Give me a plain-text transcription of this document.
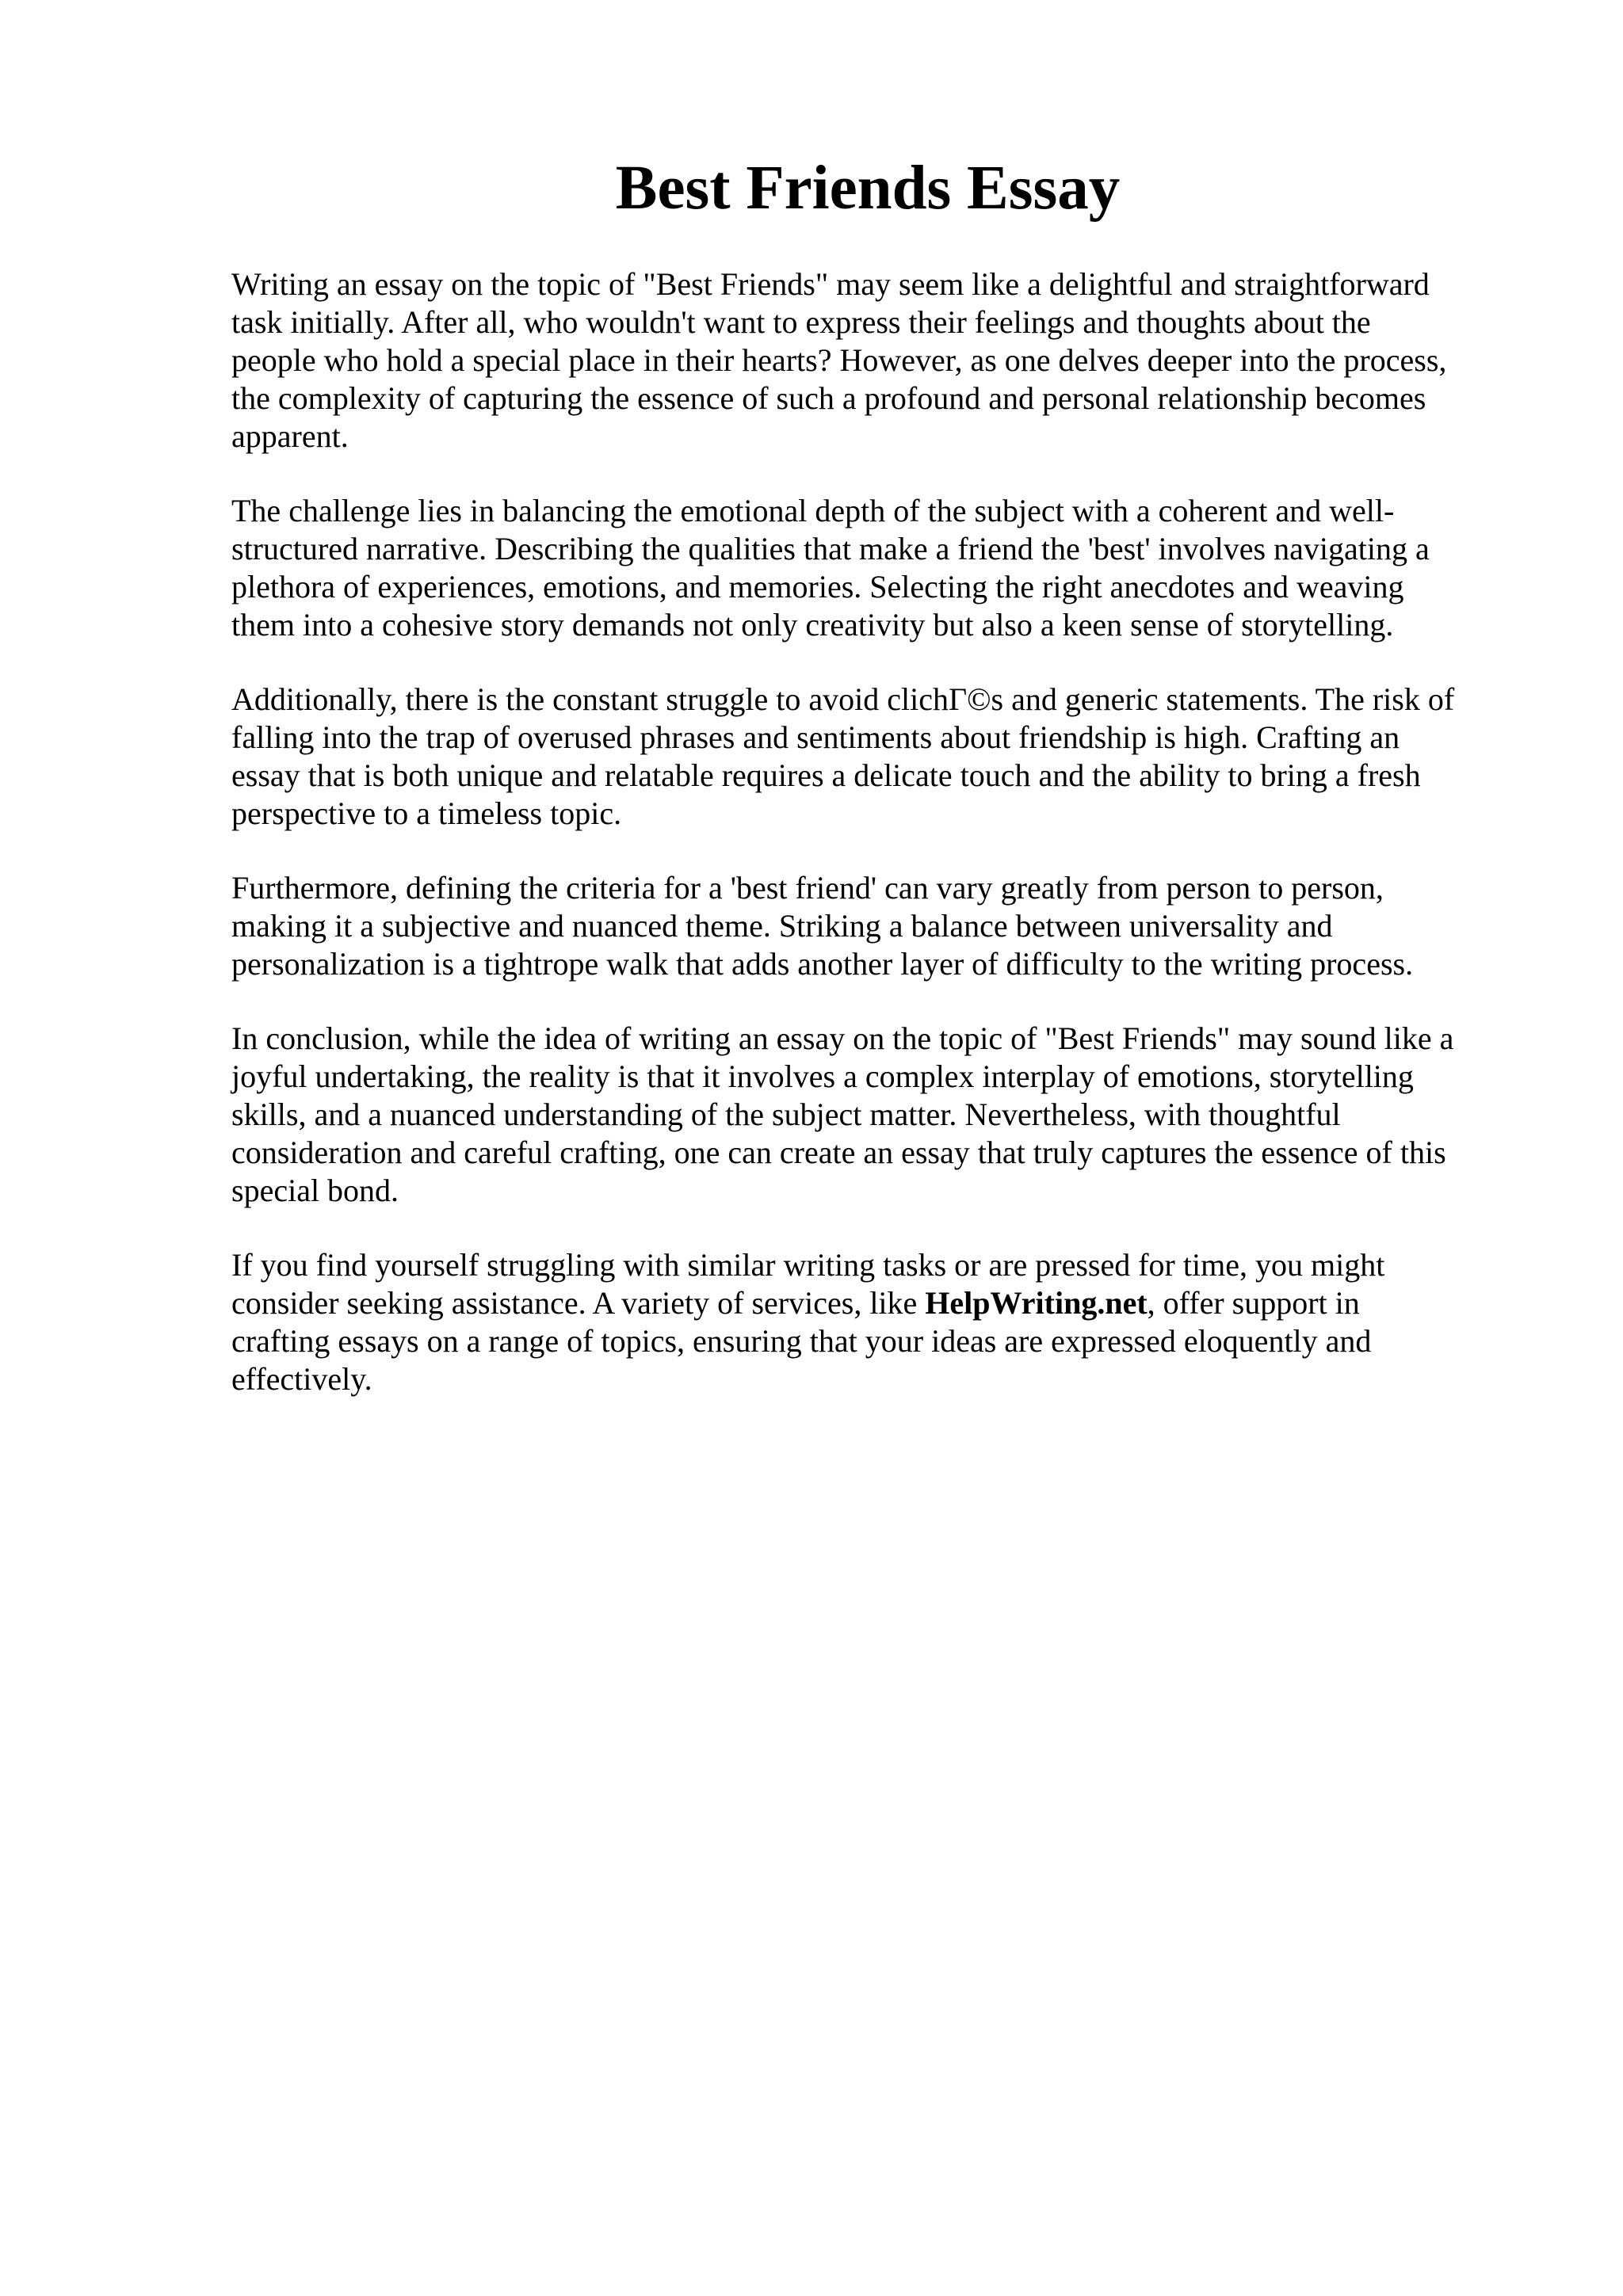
Best Friends Essay

Writing an essay on the topic of "Best Friends" may seem like a delightful and straightforward
task initially. After all, who wouldn't want to express their feelings and thoughts about the
people who hold a special place in their hearts? However, as one delves deeper into the process,
the complexity of capturing the essence of such a profound and personal relationship becomes
apparent.

The challenge lies in balancing the emotional depth of the subject with a coherent and well-
structured narrative. Describing the qualities that make a friend the 'best' involves navigating a
plethora of experiences, emotions, and memories. Selecting the right anecdotes and weaving
them into a cohesive story demands not only creativity but also a keen sense of storytelling.

Additionally, there is the constant struggle to avoid clichГ©s and generic statements. The risk of
falling into the trap of overused phrases and sentiments about friendship is high. Crafting an
essay that is both unique and relatable requires a delicate touch and the ability to bring a fresh
perspective to a timeless topic.

Furthermore, defining the criteria for a 'best friend' can vary greatly from person to person,
making it a subjective and nuanced theme. Striking a balance between universality and
personalization is a tightrope walk that adds another layer of difficulty to the writing process.

In conclusion, while the idea of writing an essay on the topic of "Best Friends" may sound like a
joyful undertaking, the reality is that it involves a complex interplay of emotions, storytelling
skills, and a nuanced understanding of the subject matter. Nevertheless, with thoughtful
consideration and careful crafting, one can create an essay that truly captures the essence of this
special bond.

If you find yourself struggling with similar writing tasks or are pressed for time, you might
consider seeking assistance. A variety of services, like HelpWriting.net, offer support in
crafting essays on a range of topics, ensuring that your ideas are expressed eloquently and
effectively.
